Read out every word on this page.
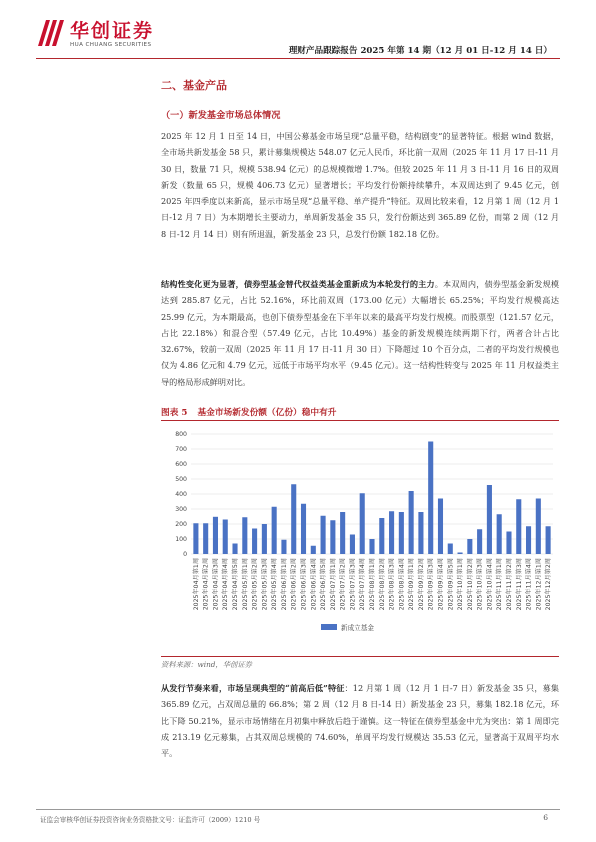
华创证券
HUA CHUANG SECURITIES
理财产品跟踪报告 2025 年第 14 期（12 月 01 日-12 月 14 日）
二、基金产品
（一）新发基金市场总体情况
2025 年 12 月 1 日至 14 日，中国公募基金市场呈现“总量平稳，结构剧变”的显著特征。根据 wind 数据，全市场共新发基金 58 只，累计募集规模达 548.07 亿元人民币，环比前一双周（2025 年 11 月 17 日-11 月 30 日，数量 71 只，规模 538.94 亿元）的总规模微增 1.7%。但较 2025 年 11 月 3 日-11 月 16 日的双周新发（数量 65 只，规模 406.73 亿元）显著增长；平均发行份额持续攀升，本双周达到了 9.45 亿元，创 2025 年四季度以来新高，显示市场呈现“总量平稳、单产提升”特征。双周比较来看，12 月第 1 周（12 月 1 日-12 月 7 日）为本期增长主要动力，单周新发基金 35 只，发行份额达到 365.89 亿份，而第 2 周（12 月 8 日-12 月 14 日）则有所退温，新发基金 23 只，总发行份额 182.18 亿份。
结构性变化更为显著，债券型基金替代权益类基金重新成为本轮发行的主力。本双周内，债券型基金新发规模达到 285.87 亿元，占比 52.16%，环比前双周（173.00 亿元）大幅增长 65.25%；平均发行规模高达 25.99 亿元，为本期最高，也创下债券型基金在下半年以来的最高平均发行规模。而股票型（121.57 亿元，占比 22.18%）和混合型（57.49 亿元，占比 10.49%）基金的新发规模连续两期下行，两者合计占比 32.67%，较前一双周（2025 年 11 月 17 日-11 月 30 日）下降超过 10 个百分点，二者的平均发行规模也仅为 4.86 亿元和 4.79 亿元，远低于市场平均水平（9.45 亿元）。这一结构性转变与 2025 年 11 月权益类主导的格局形成鲜明对比。
图表 5 基金市场新发份额（亿份）稳中有升
0
100
200
300
400
500
600
700
800
2025年04月第1周 2025年04月第2周 2025年04月第3周 2025年04月第4周 2025年04月第5周 2025年05月第1周 2025年05月第2周 2025年05月第3周 2025年05月第4周 2025年06月第1周 2025年06月第2周 2025年06月第3周 2025年06月第4周 2025年06月第5周 2025年07月第1周 2025年07月第2周 2025年07月第3周 2025年07月第4周 2025年08月第1周 2025年08月第2周 2025年08月第3周 2025年08月第4周 2025年09月第1周 2025年09月第2周 2025年09月第3周 2025年09月第4周 2025年09月第5周 2025年10月第1周 2025年10月第2周 2025年10月第3周 2025年10月第4周 2025年11月第1周 2025年11月第2周 2025年11月第3周 2025年11月第4周 2025年12月第1周 2025年12月第2周
新成立基金
资料来源：wind，华创证券
从发行节奏来看，市场呈现典型的“前高后低”特征：12 月第 1 周（12 月 1 日-7 日）新发基金 35 只，募集 365.89 亿元，占双周总量的 66.8%；第 2 周（12 月 8 日-14 日）新发基金 23 只，募集 182.18 亿元，环比下降 50.21%，显示市场情绪在月初集中释放后趋于谨慎。这一特征在债券型基金中尤为突出：第 1 周即完成 213.19 亿元募集，占其双周总规模的 74.60%，单周平均发行规模达 35.53 亿元，显著高于双周平均水平。
证监会审核华创证券投资咨询业务资格批文号：证监许可（2009）1210 号	6
